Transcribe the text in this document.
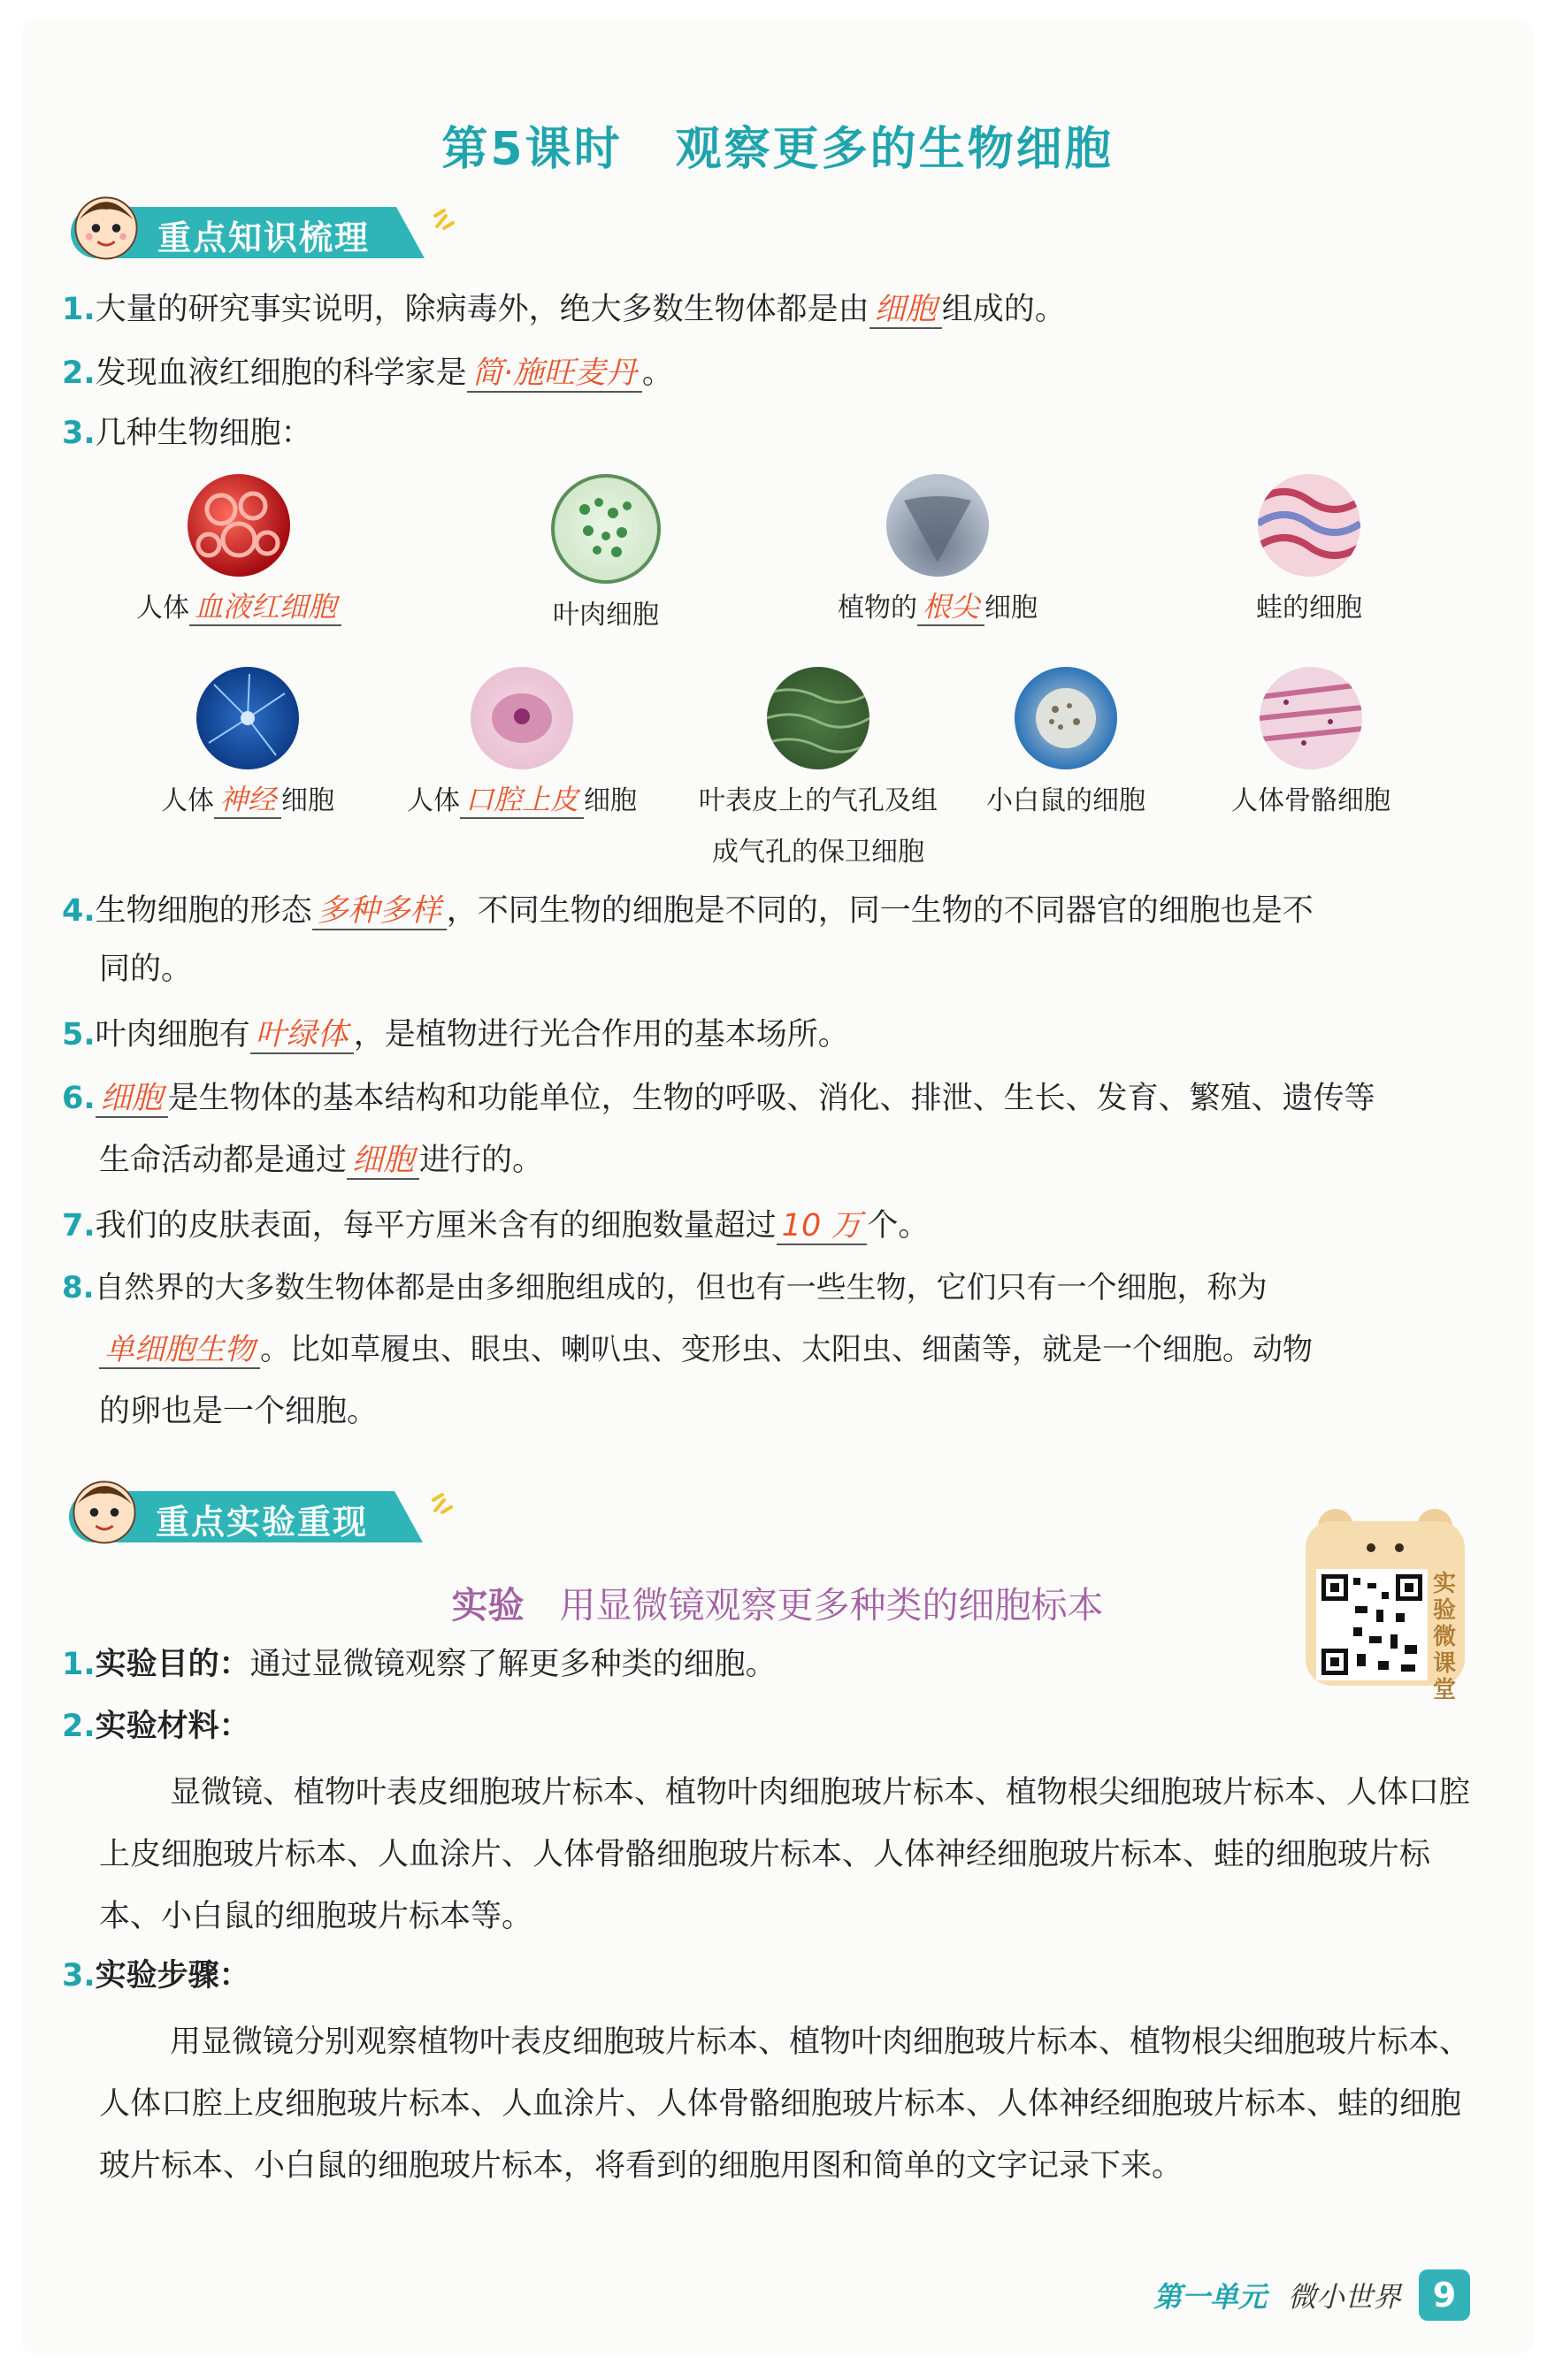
第5课时 观察更多的生物细胞
重点知识梳理
1.大量的研究事实说明，除病毒外，绝大多数生物体都是由 细胞 组成的。
2.发现血液红细胞的科学家是 简·施旺麦丹 。
3.几种生物细胞：
人体 血液红细胞	叶肉细胞	植物的 根尖 细胞	蛙的细胞
人体 神经 细胞	人体 口腔上皮 细胞	叶表皮上的气孔及组
成气孔的保卫细胞
小白鼠的细胞	人体骨骼细胞
4.生物细胞的形态 多种多样 ，不同生物的细胞是不同的，同一生物的不同器官的细胞也是不
同的。
5.叶肉细胞有 叶绿体 ，是植物进行光合作用的基本场所。
6. 细胞 是生物体的基本结构和功能单位，生物的呼吸、消化、排泄、生长、发育、繁殖、遗传等
生命活动都是通过 细胞 进行的。
7.我们的皮肤表面，每平方厘米含有的细胞数量超过 10 万 个。
8.自然界的大多数生物体都是由多细胞组成的，但也有一些生物，它们只有一个细胞，称为
单细胞生物 。比如草履虫、眼虫、喇叭虫、变形虫、太阳虫、细菌等，就是一个细胞。动物
的卵也是一个细胞。
重点实验重现
实验微课堂
实验 用显微镜观察更多种类的细胞标本
1.实验目的：通过显微镜观察了解更多种类的细胞。
2.实验材料：
显微镜、植物叶表皮细胞玻片标本、植物叶肉细胞玻片标本、植物根尖细胞玻片标本、人体口腔上皮细胞玻片标本、人血涂片、人体骨骼细胞玻片标本、人体神经细胞玻片标本、蛙的细胞玻片标本、小白鼠的细胞玻片标本等。
3.实验步骤：
用显微镜分别观察植物叶表皮细胞玻片标本、植物叶肉细胞玻片标本、植物根尖细胞玻片标本、人体口腔上皮细胞玻片标本、人血涂片、人体骨骼细胞玻片标本、人体神经细胞玻片标本、蛙的细胞玻片标本、小白鼠的细胞玻片标本，将看到的细胞用图和简单的文字记录下来。
第一单元 微小世界 9
